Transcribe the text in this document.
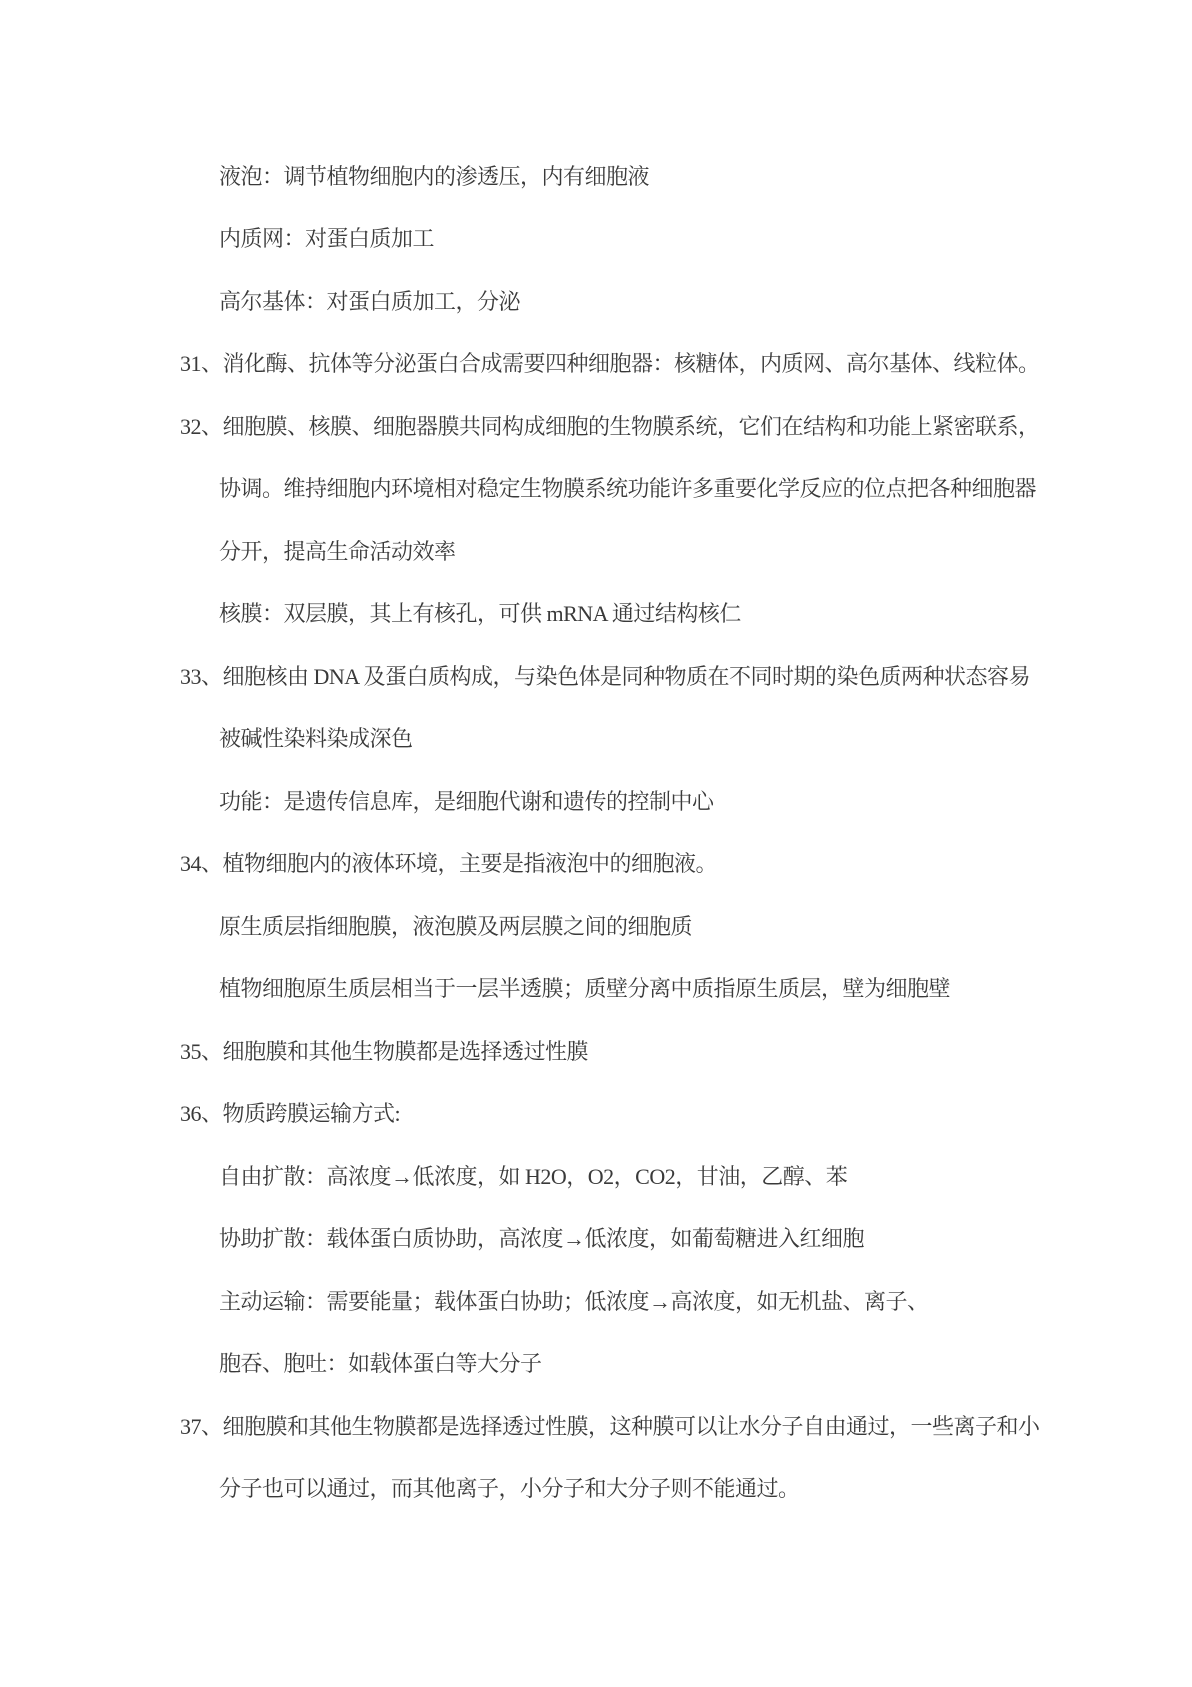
液泡：调节植物细胞内的渗透压，内有细胞液
内质网：对蛋白质加工
高尔基体：对蛋白质加工，分泌
31、消化酶、抗体等分泌蛋白合成需要四种细胞器：核糖体，内质网、高尔基体、线粒体。
32、细胞膜、核膜、细胞器膜共同构成细胞的生物膜系统，它们在结构和功能上紧密联系，
协调。维持细胞内环境相对稳定生物膜系统功能许多重要化学反应的位点把各种细胞器
分开，提高生命活动效率
核膜：双层膜，其上有核孔，可供 mRNA 通过结构核仁
33、细胞核由 DNA 及蛋白质构成，与染色体是同种物质在不同时期的染色质两种状态容易
被碱性染料染成深色
功能：是遗传信息库，是细胞代谢和遗传的控制中心
34、植物细胞内的液体环境，主要是指液泡中的细胞液。
原生质层指细胞膜，液泡膜及两层膜之间的细胞质
植物细胞原生质层相当于一层半透膜；质壁分离中质指原生质层，壁为细胞壁
35、细胞膜和其他生物膜都是选择透过性膜
36、物质跨膜运输方式:
自由扩散：高浓度→低浓度，如 H2O，O2，CO2，甘油，乙醇、苯
协助扩散：载体蛋白质协助，高浓度→低浓度，如葡萄糖进入红细胞
主动运输：需要能量；载体蛋白协助；低浓度→高浓度，如无机盐、离子、
胞吞、胞吐：如载体蛋白等大分子
37、细胞膜和其他生物膜都是选择透过性膜，这种膜可以让水分子自由通过，一些离子和小
分子也可以通过，而其他离子，小分子和大分子则不能通过。
